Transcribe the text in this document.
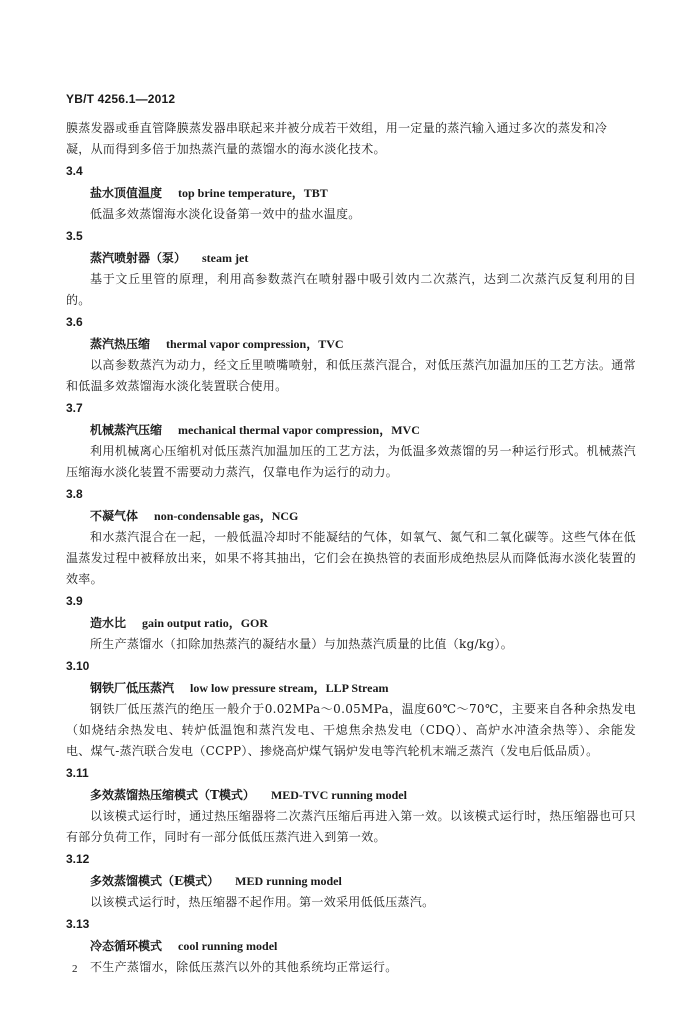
YB/T 4256.1—2012

膜蒸发器或垂直管降膜蒸发器串联起来并被分成若干效组，用一定量的蒸汽输入通过多次的蒸发和冷
凝，从而得到多倍于加热蒸汽量的蒸馏水的海水淡化技术。

3.4

盐水顶值温度 top brine temperature，TBT

低温多效蒸馏海水淡化设备第一效中的盐水温度。

3.5

蒸汽喷射器（泵） steam jet

基于文丘里管的原理，利用高参数蒸汽在喷射器中吸引效内二次蒸汽，达到二次蒸汽反复利用的目的。

3.6

蒸汽热压缩 thermal vapor compression，TVC

以高参数蒸汽为动力，经文丘里喷嘴喷射，和低压蒸汽混合，对低压蒸汽加温加压的工艺方法。通常和低温多效蒸馏海水淡化装置联合使用。

3.7

机械蒸汽压缩 mechanical thermal vapor compression，MVC

利用机械离心压缩机对低压蒸汽加温加压的工艺方法，为低温多效蒸馏的另一种运行形式。机械蒸汽压缩海水淡化装置不需要动力蒸汽，仅靠电作为运行的动力。

3.8

不凝气体 non-condensable gas，NCG

和水蒸汽混合在一起，一般低温冷却时不能凝结的气体，如氧气、氮气和二氧化碳等。这些气体在低温蒸发过程中被释放出来，如果不将其抽出，它们会在换热管的表面形成绝热层从而降低海水淡化装置的效率。

3.9

造水比 gain output ratio，GOR

所生产蒸馏水（扣除加热蒸汽的凝结水量）与加热蒸汽质量的比值（kg/kg）。

3.10

钢铁厂低压蒸汽 low low pressure stream，LLP Stream

钢铁厂低压蒸汽的绝压一般介于0.02MPa～0.05MPa，温度60℃～70℃，主要来自各种余热发电（如烧结余热发电、转炉低温饱和蒸汽发电、干熄焦余热发电（CDQ）、高炉水冲渣余热等）、余能发电、煤气-蒸汽联合发电（CCPP）、掺烧高炉煤气锅炉发电等汽轮机末端乏蒸汽（发电后低品质）。

3.11

多效蒸馏热压缩模式（T模式） MED-TVC running model

以该模式运行时，通过热压缩器将二次蒸汽压缩后再进入第一效。以该模式运行时，热压缩器也可只有部分负荷工作，同时有一部分低低压蒸汽进入到第一效。

3.12

多效蒸馏模式（E模式） MED running model

以该模式运行时，热压缩器不起作用。第一效采用低低压蒸汽。

3.13

冷态循环模式 cool running model

不生产蒸馏水，除低压蒸汽以外的其他系统均正常运行。

2
